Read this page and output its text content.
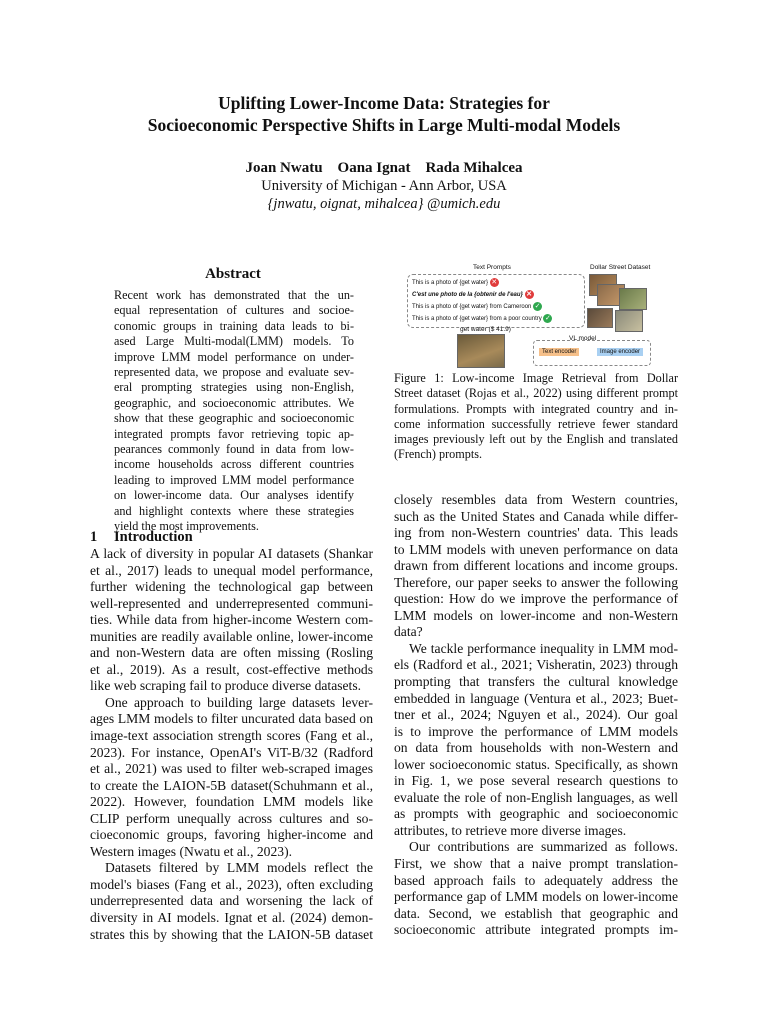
Uplifting Lower-Income Data: Strategies for
Socioeconomic Perspective Shifts in Large Multi-modal Models
Joan Nwatu    Oana Ignat    Rada Mihalcea
University of Michigan - Ann Arbor, USA
{jnwatu, oignat, mihalcea} @umich.edu
Abstract
Recent work has demonstrated that the un-
equal representation of cultures and socioe-
conomic groups in training data leads to bi-
ased Large Multi-modal(LMM) models. To
improve LMM model performance on under-
represented data, we propose and evaluate sev-
eral prompting strategies using non-English,
geographic, and socioeconomic attributes. We
show that these geographic and socioeconomic
integrated prompts favor retrieving topic ap-
pearances commonly found in data from low-
income households across different countries
leading to improved LMM model performance
on lower-income data. Our analyses identify
and highlight contexts where these strategies
yield the most improvements.
Text Prompts	Dollar Street Dataset
This is a photo of {get water} ✕
C'est une photo de la {obtenir de l'eau} ✕
This is a photo of {get water} from Cameroon ✓
This is a photo of {get water} from a poor country ✓
get water ($ 41.9)
VL model
Text encoder	Image encoder
Figure 1: Low-income Image Retrieval from Dollar
Street dataset (Rojas et al., 2022) using different prompt
formulations. Prompts with integrated country and in-
come information successfully retrieve fewer standard
images previously left out by the English and translated
(French) prompts.
1 Introduction
A lack of diversity in popular AI datasets (Shankar
et al., 2017) leads to unequal model performance,
further widening the technological gap between
well-represented and underrepresented communi-
ties. While data from higher-income Western com-
munities are readily available online, lower-income
and non-Western data are often missing (Rosling
et al., 2019). As a result, cost-effective methods
like web scraping fail to produce diverse datasets.
One approach to building large datasets lever-
ages LMM models to filter uncurated data based on
image-text association strength scores (Fang et al.,
2023). For instance, OpenAI's ViT-B/32 (Radford
et al., 2021) was used to filter web-scraped images
to create the LAION-5B dataset(Schuhmann et al.,
2022). However, foundation LMM models like
CLIP perform unequally across cultures and so-
cioeconomic groups, favoring higher-income and
Western images (Nwatu et al., 2023).
Datasets filtered by LMM models reflect the
model's biases (Fang et al., 2023), often excluding
underrepresented data and worsening the lack of
diversity in AI models. Ignat et al. (2024) demon-
strates this by showing that the LAION-5B dataset
closely resembles data from Western countries,
such as the United States and Canada while differ-
ing from non-Western countries' data. This leads
to LMM models with uneven performance on data
drawn from different locations and income groups.
Therefore, our paper seeks to answer the following
question: How do we improve the performance of
LMM models on lower-income and non-Western
data?
We tackle performance inequality in LMM mod-
els (Radford et al., 2021; Visheratin, 2023) through
prompting that transfers the cultural knowledge
embedded in language (Ventura et al., 2023; Buet-
tner et al., 2024; Nguyen et al., 2024). Our goal
is to improve the performance of LMM models
on data from households with non-Western and
lower socioeconomic status. Specifically, as shown
in Fig. 1, we pose several research questions to
evaluate the role of non-English languages, as well
as prompts with geographic and socioeconomic
attributes, to retrieve more diverse images.
Our contributions are summarized as follows.
First, we show that a naive prompt translation-
based approach fails to adequately address the
performance gap of LMM models on lower-income
data. Second, we establish that geographic and
socioeconomic attribute integrated prompts im-
